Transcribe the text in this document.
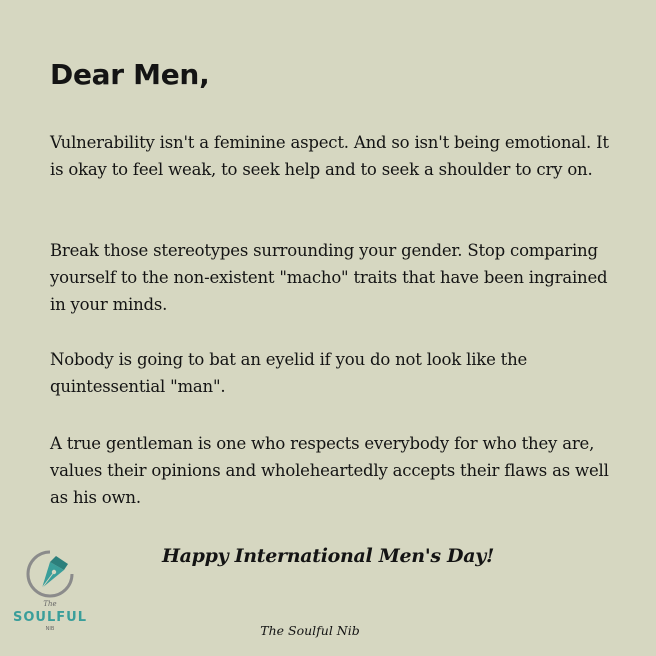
Dear Men,

Vulnerability isn't a feminine aspect. And so isn't being emotional. It is okay to feel weak, to seek help and to seek a shoulder to cry on.

Break those stereotypes surrounding your gender. Stop comparing yourself to the non-existent "macho" traits that have been ingrained in your minds.

Nobody is going to bat an eyelid if you do not look like the quintessential "man".

A true gentleman is one who respects everybody for who they are, values their opinions and wholeheartedly accepts their flaws as well as his own.

Happy International Men's Day!
The
SOULFUL
NIB	The Soulful Nib
